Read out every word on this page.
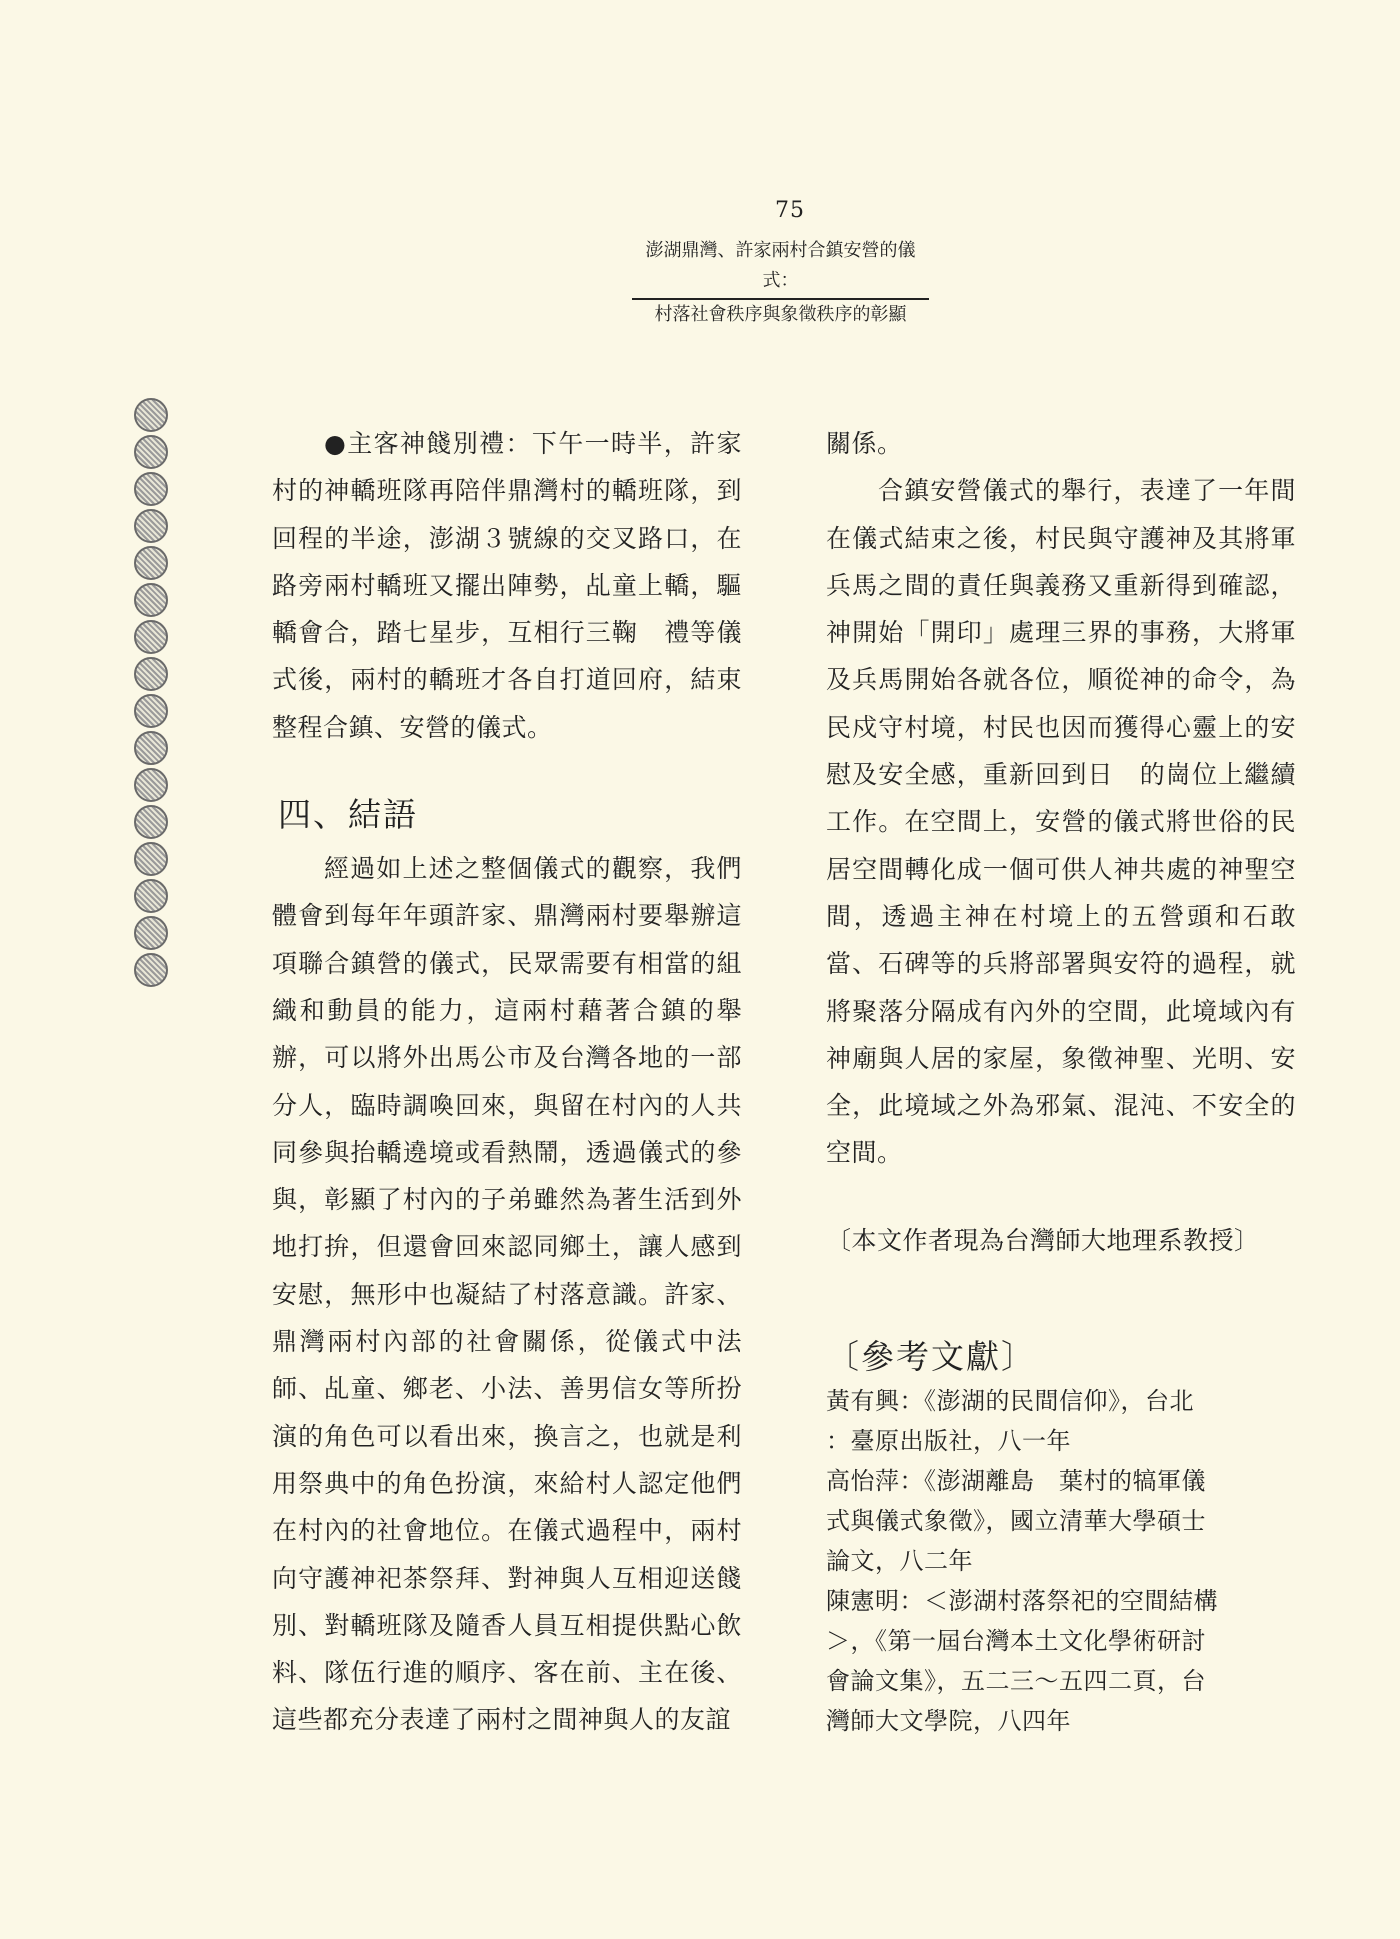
75
澎湖鼎灣、許家兩村合鎮安營的儀式：
村落社會秩序與象徵秩序的彰顯

●主客神餞別禮：下午一時半，許家村的神轎班隊再陪伴鼎灣村的轎班隊，到回程的半途，澎湖３號線的交叉路口，在路旁兩村轎班又擺出陣勢，乩童上轎，驅轎會合，踏七星步，互相行三鞠　禮等儀式後，兩村的轎班才各自打道回府，結束整程合鎮、安營的儀式。

四、結語

經過如上述之整個儀式的觀察，我們體會到每年年頭許家、鼎灣兩村要舉辦這項聯合鎮營的儀式，民眾需要有相當的組織和動員的能力，這兩村藉著合鎮的舉辦，可以將外出馬公市及台灣各地的一部分人，臨時調喚回來，與留在村內的人共同參與抬轎遶境或看熱鬧，透過儀式的參與，彰顯了村內的子弟雖然為著生活到外地打拚，但還會回來認同鄉土，讓人感到安慰，無形中也凝結了村落意識。許家、鼎灣兩村內部的社會關係，從儀式中法師、乩童、鄉老、小法、善男信女等所扮演的角色可以看出來，換言之，也就是利用祭典中的角色扮演，來給村人認定他們在村內的社會地位。在儀式過程中，兩村向守護神祀茶祭拜、對神與人互相迎送餞別、對轎班隊及隨香人員互相提供點心飲料、隊伍行進的順序、客在前、主在後、這些都充分表達了兩村之間神與人的友誼

關係。

合鎮安營儀式的舉行，表達了一年間在儀式結束之後，村民與守護神及其將軍兵馬之間的責任與義務又重新得到確認，神開始「開印」處理三界的事務，大將軍及兵馬開始各就各位，順從神的命令，為民戍守村境，村民也因而獲得心靈上的安慰及安全感，重新回到日　的崗位上繼續工作。在空間上，安營的儀式將世俗的民居空間轉化成一個可供人神共處的神聖空間，透過主神在村境上的五營頭和石敢當、石碑等的兵將部署與安符的過程，就將聚落分隔成有內外的空間，此境域內有神廟與人居的家屋，象徵神聖、光明、安全，此境域之外為邪氣、混沌、不安全的空間。

〔本文作者現為台灣師大地理系教授〕
〔參考文獻〕

黃有興：《澎湖的民間信仰》，台北
：臺原出版社，八一年

高怡萍：《澎湖離島　葉村的犒軍儀
式與儀式象徵》，國立清華大學碩士
論文，八二年

陳憲明：＜澎湖村落祭祀的空間結構
＞，《第一屆台灣本土文化學術研討
會論文集》，五二三～五四二頁，台
灣師大文學院，八四年
